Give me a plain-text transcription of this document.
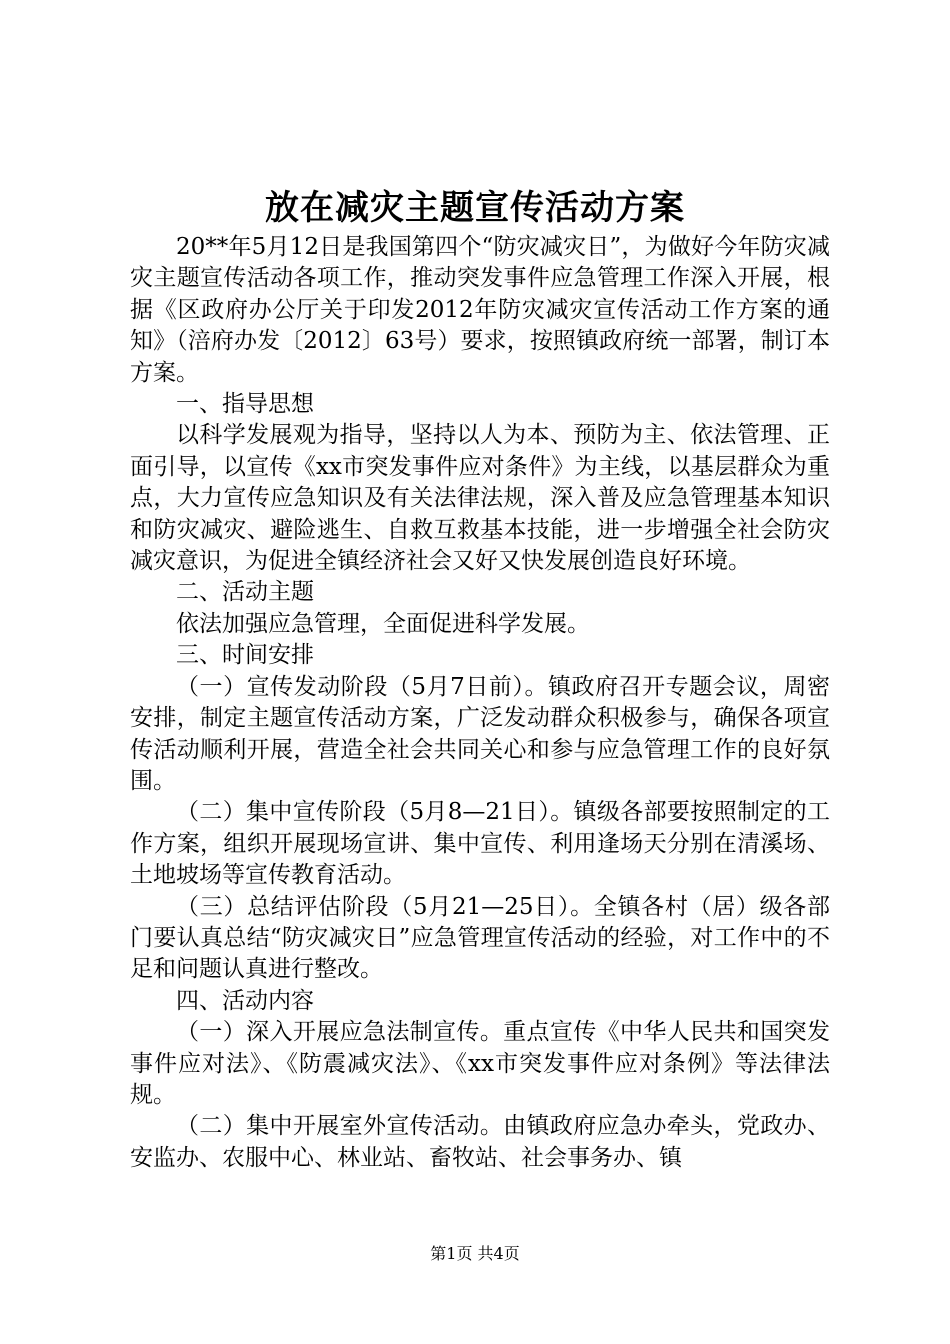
放在减灾主题宣传活动方案

20**年5月12日是我国第四个“防灾减灾日”，为做好今年防灾减灾主题宣传活动各项工作，推动突发事件应急管理工作深入开展，根据《区政府办公厅关于印发2012年防灾减灾宣传活动工作方案的通知》（涪府办发〔2012〕63号）要求，按照镇政府统一部署，制订本方案。

一、指导思想

以科学发展观为指导，坚持以人为本、预防为主、依法管理、正面引导，以宣传《xx市突发事件应对条件》为主线，以基层群众为重点，大力宣传应急知识及有关法律法规，深入普及应急管理基本知识和防灾减灾、避险逃生、自救互救基本技能，进一步增强全社会防灾减灾意识，为促进全镇经济社会又好又快发展创造良好环境。

二、活动主题

依法加强应急管理，全面促进科学发展。

三、时间安排

（一）宣传发动阶段（5月7日前）。镇政府召开专题会议，周密安排，制定主题宣传活动方案，广泛发动群众积极参与，确保各项宣传活动顺利开展，营造全社会共同关心和参与应急管理工作的良好氛围。

（二）集中宣传阶段（5月8—21日）。镇级各部要按照制定的工作方案，组织开展现场宣讲、集中宣传、利用逢场天分别在清溪场、土地坡场等宣传教育活动。

（三）总结评估阶段（5月21—25日）。全镇各村（居）级各部门要认真总结“防灾减灾日”应急管理宣传活动的经验，对工作中的不足和问题认真进行整改。

四、活动内容

（一）深入开展应急法制宣传。重点宣传《中华人民共和国突发事件应对法》、《防震减灾法》、《xx市突发事件应对条例》等法律法规。

（二）集中开展室外宣传活动。由镇政府应急办牵头，党政办、安监办、农服中心、林业站、畜牧站、社会事务办、镇

第1页 共4页
